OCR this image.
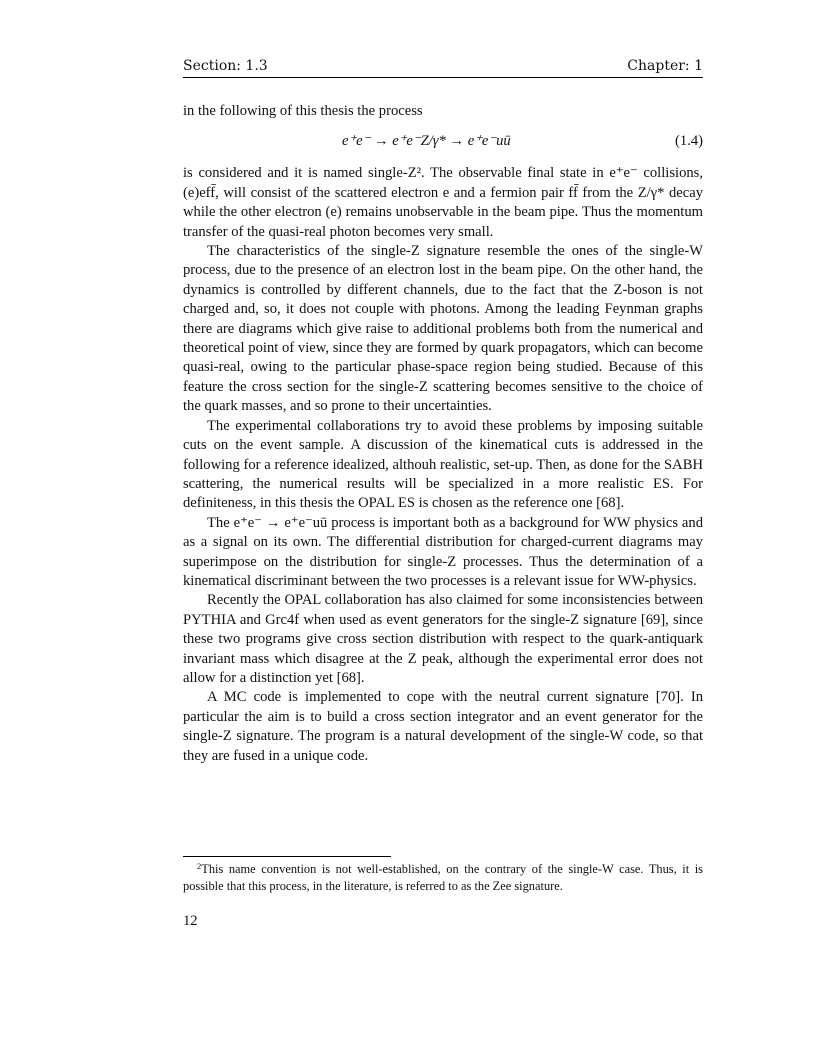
Section: 1.3	Chapter: 1

in the following of this thesis the process

e⁺e⁻ → e⁺e⁻Z/γ* → e⁺e⁻uū	(1.4)

is considered and it is named single-Z². The observable final state in e⁺e⁻ collisions, (e)eff̄, will consist of the scattered electron e and a fermion pair ff̄ from the Z/γ* decay while the other electron (e) remains unobservable in the beam pipe. Thus the momentum transfer of the quasi-real photon becomes very small.

The characteristics of the single-Z signature resemble the ones of the single-W process, due to the presence of an electron lost in the beam pipe. On the other hand, the dynamics is controlled by different channels, due to the fact that the Z-boson is not charged and, so, it does not couple with photons. Among the leading Feynman graphs there are diagrams which give raise to additional problems both from the numerical and theoretical point of view, since they are formed by quark propagators, which can become quasi-real, owing to the particular phase-space region being studied. Because of this feature the cross section for the single-Z scattering becomes sensitive to the choice of the quark masses, and so prone to their uncertainties.

The experimental collaborations try to avoid these problems by imposing suitable cuts on the event sample. A discussion of the kinematical cuts is addressed in the following for a reference idealized, althouh realistic, set-up. Then, as done for the SABH scattering, the numerical results will be specialized in a more realistic ES. For definiteness, in this thesis the OPAL ES is chosen as the reference one [68].

The e⁺e⁻ → e⁺e⁻uū process is important both as a background for WW physics and as a signal on its own. The differential distribution for charged-current diagrams may superimpose on the distribution for single-Z processes. Thus the determination of a kinematical discriminant between the two processes is a relevant issue for WW-physics.

Recently the OPAL collaboration has also claimed for some inconsistencies between PYTHIA and Grc4f when used as event generators for the single-Z signature [69], since these two programs give cross section distribution with respect to the quark-antiquark invariant mass which disagree at the Z peak, although the experimental error does not allow for a distinction yet [68].

A MC code is implemented to cope with the neutral current signature [70]. In particular the aim is to build a cross section integrator and an event generator for the single-Z signature. The program is a natural development of the single-W code, so that they are fused in a unique code.

$^2$This name convention is not well-established, on the contrary of the single-W case. Thus, it is possible that this process, in the literature, is referred to as the Zee signature.
12
